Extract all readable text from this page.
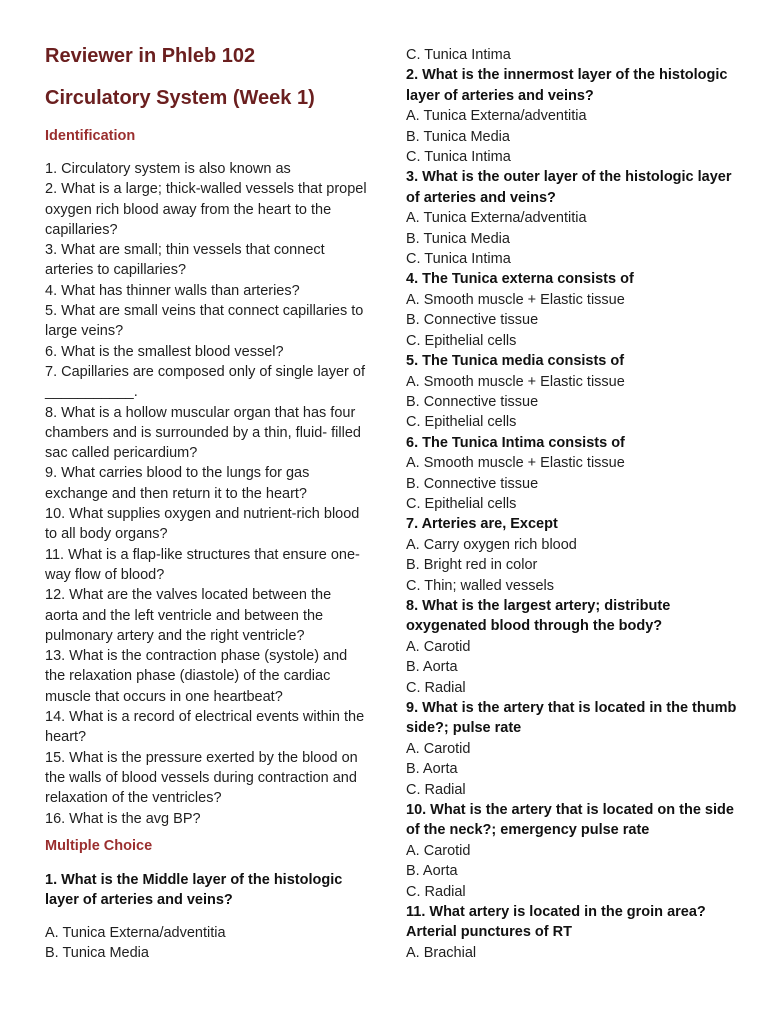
Reviewer in Phleb 102
Circulatory System (Week 1)
Identification
1. Circulatory system is also known as
2. What is a large; thick-walled vessels that propel oxygen rich blood away from the heart to the capillaries?
3. What are small; thin vessels that connect arteries to capillaries?
4. What has thinner walls than arteries?
5. What are small veins that connect capillaries to large veins?
6. What is the smallest blood vessel?
7. Capillaries are composed only of single layer of ___________.
8. What is a hollow muscular organ that has four chambers and is surrounded by a thin, fluid- filled sac called pericardium?
9. What carries blood to the lungs for gas exchange and then return it to the heart?
10. What supplies oxygen and nutrient-rich blood to all body organs?
11. What is a flap-like structures that ensure one-way flow of blood?
12. What are the valves located between the aorta and the left ventricle and between the pulmonary artery and the right ventricle?
13. What is the contraction phase (systole) and the relaxation phase (diastole) of the cardiac muscle that occurs in one heartbeat?
14. What is a record of electrical events within the heart?
15. What is the pressure exerted by the blood on the walls of blood vessels during contraction and relaxation of the ventricles?
16. What is the avg BP?
Multiple Choice
1. What is the Middle layer of the histologic layer of arteries and veins?
A. Tunica Externa/adventitia
B. Tunica Media
C. Tunica Intima
2. What is the innermost layer of the histologic layer of arteries and veins?
A. Tunica Externa/adventitia
B. Tunica Media
C. Tunica Intima
3. What is the outer layer of the histologic layer of arteries and veins?
A. Tunica Externa/adventitia
B. Tunica Media
C. Tunica Intima
4. The Tunica externa consists of
A. Smooth muscle + Elastic tissue
B. Connective tissue
C. Epithelial cells
5. The Tunica media consists of
A. Smooth muscle + Elastic tissue
B. Connective tissue
C. Epithelial cells
6. The Tunica Intima consists of
A. Smooth muscle + Elastic tissue
B. Connective tissue
C. Epithelial cells
7. Arteries are, Except
A. Carry oxygen rich blood
B. Bright red in color
C. Thin; walled vessels
8. What is the largest artery; distribute oxygenated blood through the body?
A. Carotid
B. Aorta
C. Radial
9. What is the artery that is located in the thumb side?; pulse rate
A. Carotid
B. Aorta
C. Radial
10. What is the artery that is located on the side of the neck?; emergency pulse rate
A. Carotid
B. Aorta
C. Radial
11. What artery is located in the groin area? Arterial punctures of RT
A. Brachial
